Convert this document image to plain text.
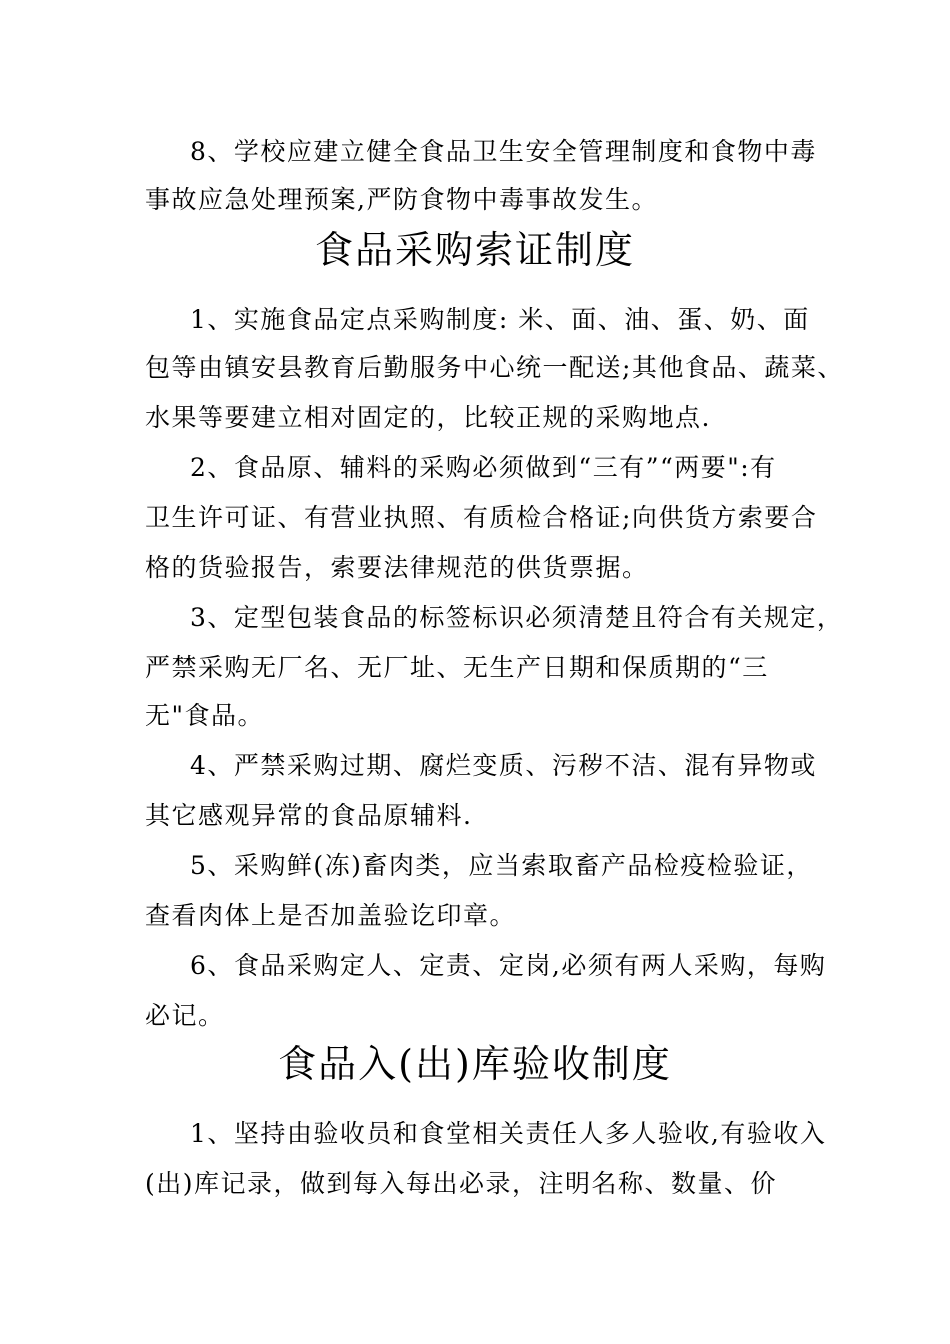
8、学校应建立健全食品卫生安全管理制度和食物中毒
事故应急处理预案,严防食物中毒事故发生。
食品采购索证制度
1、实施食品定点采购制度: 米、面、油、蛋、奶、面
包等由镇安县教育后勤服务中心统一配送;其他食品、蔬菜、
水果等要建立相对固定的，比较正规的采购地点.
2、食品原、辅料的采购必须做到“三有”“两要":有
卫生许可证、有营业执照、有质检合格证;向供货方索要合
格的货验报告，索要法律规范的供货票据。
3、定型包装食品的标签标识必须清楚且符合有关规定，
严禁采购无厂名、无厂址、无生产日期和保质期的“三
无"食品。
4、严禁采购过期、腐烂变质、污秽不洁、混有异物或
其它感观异常的食品原辅料.
5、采购鲜(冻)畜肉类，应当索取畜产品检疫检验证，
查看肉体上是否加盖验讫印章。
6、食品采购定人、定责、定岗,必须有两人采购，每购
必记。
食品入(出)库验收制度
1、坚持由验收员和食堂相关责任人多人验收,有验收入
(出)库记录，做到每入每出必录，注明名称、数量、价
